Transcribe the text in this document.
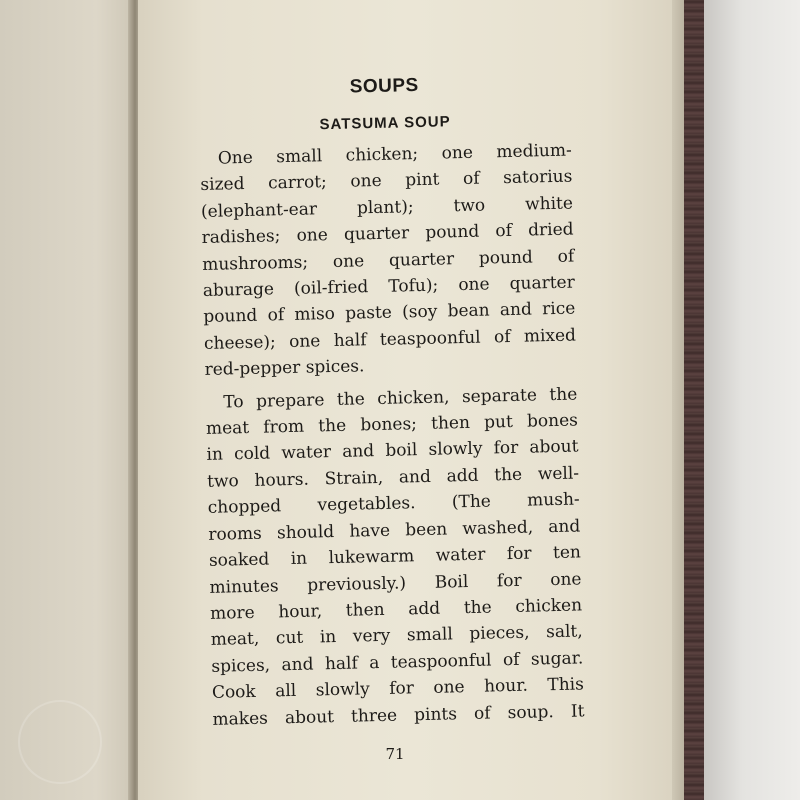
SOUPS
SATSUMA SOUP

One small chicken; one medium-
sized carrot; one pint of satorius
(elephant-ear plant); two white
radishes; one quarter pound of dried
mushrooms; one quarter pound of
aburage (oil-fried Tofu); one quarter
pound of miso paste (soy bean and rice
cheese); one half teaspoonful of mixed
red-pepper spices.

To prepare the chicken, separate the
meat from the bones; then put bones
in cold water and boil slowly for about
two hours. Strain, and add the well-
chopped vegetables. (The mush-
rooms should have been washed, and
soaked in lukewarm water for ten
minutes previously.) Boil for one
more hour, then add the chicken
meat, cut in very small pieces, salt,
spices, and half a teaspoonful of sugar.
Cook all slowly for one hour. This
makes about three pints of soup. It

71
